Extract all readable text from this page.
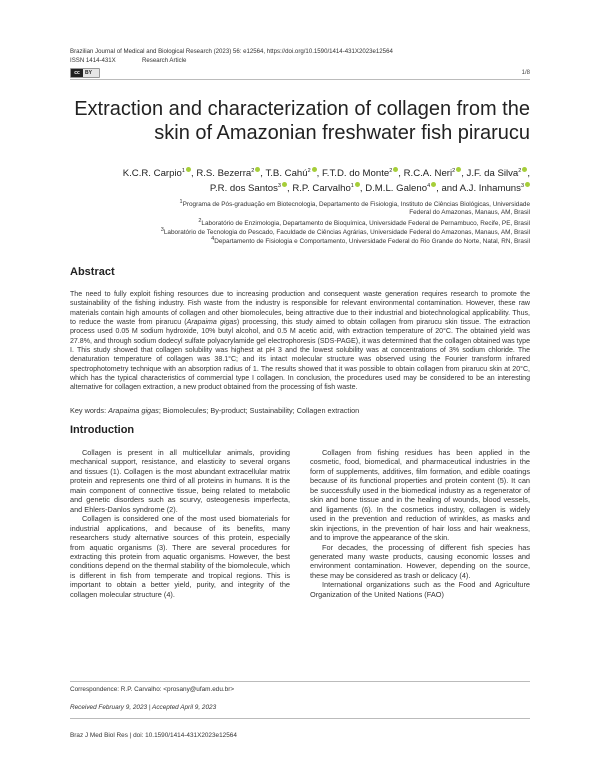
Brazilian Journal of Medical and Biological Research (2023) 56: e12564, https://doi.org/10.1590/1414-431X2023e12564
ISSN 1414-431X	Research Article
cc	BY	1/8
Extraction and characterization of collagen from the skin of Amazonian freshwater fish pirarucu
K.C.R. Carpio$^1$ , R.S. Bezerra$^2$ , T.B. Cahú$^2$ , F.T.D. do Monte$^2$ , R.C.A. Neri$^2$ , J.F. da Silva$^2$ ,
P.R. dos Santos$^3$ , R.P. Carvalho$^1$ , D.M.L. Galeno$^4$ , and A.J. Inhamuns$^3$
$^1$Programa de Pós-graduação em Biotecnologia, Departamento de Fisiologia, Instituto de Ciências Biológicas, Universidade
Federal do Amazonas, Manaus, AM, Brasil
$^2$Laboratório de Enzimologia, Departamento de Bioquímica, Universidade Federal de Pernambuco, Recife, PE, Brasil
$^3$Laboratório de Tecnologia do Pescado, Faculdade de Ciências Agrárias, Universidade Federal do Amazonas, Manaus, AM, Brasil
$^4$Departamento de Fisiologia e Comportamento, Universidade Federal do Rio Grande do Norte, Natal, RN, Brasil
Abstract
The need to fully exploit fishing resources due to increasing production and consequent waste generation requires research to promote the sustainability of the fishing industry. Fish waste from the industry is responsible for relevant environmental contamination. However, these raw materials contain high amounts of collagen and other biomolecules, being attractive due to their industrial and biotechnological applicability. Thus, to reduce the waste from pirarucu (Arapaima gigas) processing, this study aimed to obtain collagen from pirarucu skin tissue. The extraction process used 0.05 M sodium hydroxide, 10% butyl alcohol, and 0.5 M acetic acid, with extraction temperature of 20°C. The obtained yield was 27.8%, and through sodium dodecyl sulfate polyacrylamide gel electrophoresis (SDS-PAGE), it was determined that the collagen obtained was type I. This study showed that collagen solubility was highest at pH 3 and the lowest solubility was at concentrations of 3% sodium chloride. The denaturation temperature of collagen was 38.1°C; and its intact molecular structure was observed using the Fourier transform infrared spectrophotometry technique with an absorption radius of 1. The results showed that it was possible to obtain collagen from pirarucu skin at 20°C, which has the typical characteristics of commercial type I collagen. In conclusion, the procedures used may be considered to be an interesting alternative for collagen extraction, a new product obtained from the processing of fish waste.
Key words: Arapaima gigas; Biomolecules; By-product; Sustainability; Collagen extraction
Introduction

Collagen is present in all multicellular animals, providing mechanical support, resistance, and elasticity to several organs and tissues (1). Collagen is the most abundant extracellular matrix protein and represents one third of all proteins in humans. It is the main component of connective tissue, being related to metabolic and genetic disorders such as scurvy, osteogenesis imperfecta, and Ehlers-Danlos syndrome (2).

Collagen is considered one of the most used biomaterials for industrial applications, and because of its benefits, many researchers study alternative sources of this protein, especially from aquatic organisms (3). There are several procedures for extracting this protein from aquatic organisms. However, the best conditions depend on the thermal stability of the biomolecule, which is different in fish from temperate and tropical regions. This is important to obtain a better yield, purity, and integrity of the collagen molecular structure (4).

Collagen from fishing residues has been applied in the cosmetic, food, biomedical, and pharmaceutical industries in the form of supplements, additives, film formation, and edible coatings because of its functional properties and protein content (5). It can be successfully used in the biomedical industry as a regenerator of skin and bone tissue and in the healing of wounds, blood vessels, and ligaments (6). In the cosmetics industry, collagen is widely used in the prevention and reduction of wrinkles, as masks and skin injections, in the prevention of hair loss and hair weakness, and to improve the appearance of the skin.

For decades, the processing of different fish species has generated many waste products, causing economic losses and environment contamination. However, depending on the source, these may be considered as trash or delicacy (4).

International organizations such as the Food and Agriculture Organization of the United Nations (FAO)

Correspondence: R.P. Carvalho: <prosany@ufam.edu.br>
Received February 9, 2023 | Accepted April 9, 2023
Braz J Med Biol Res | doi: 10.1590/1414-431X2023e12564
